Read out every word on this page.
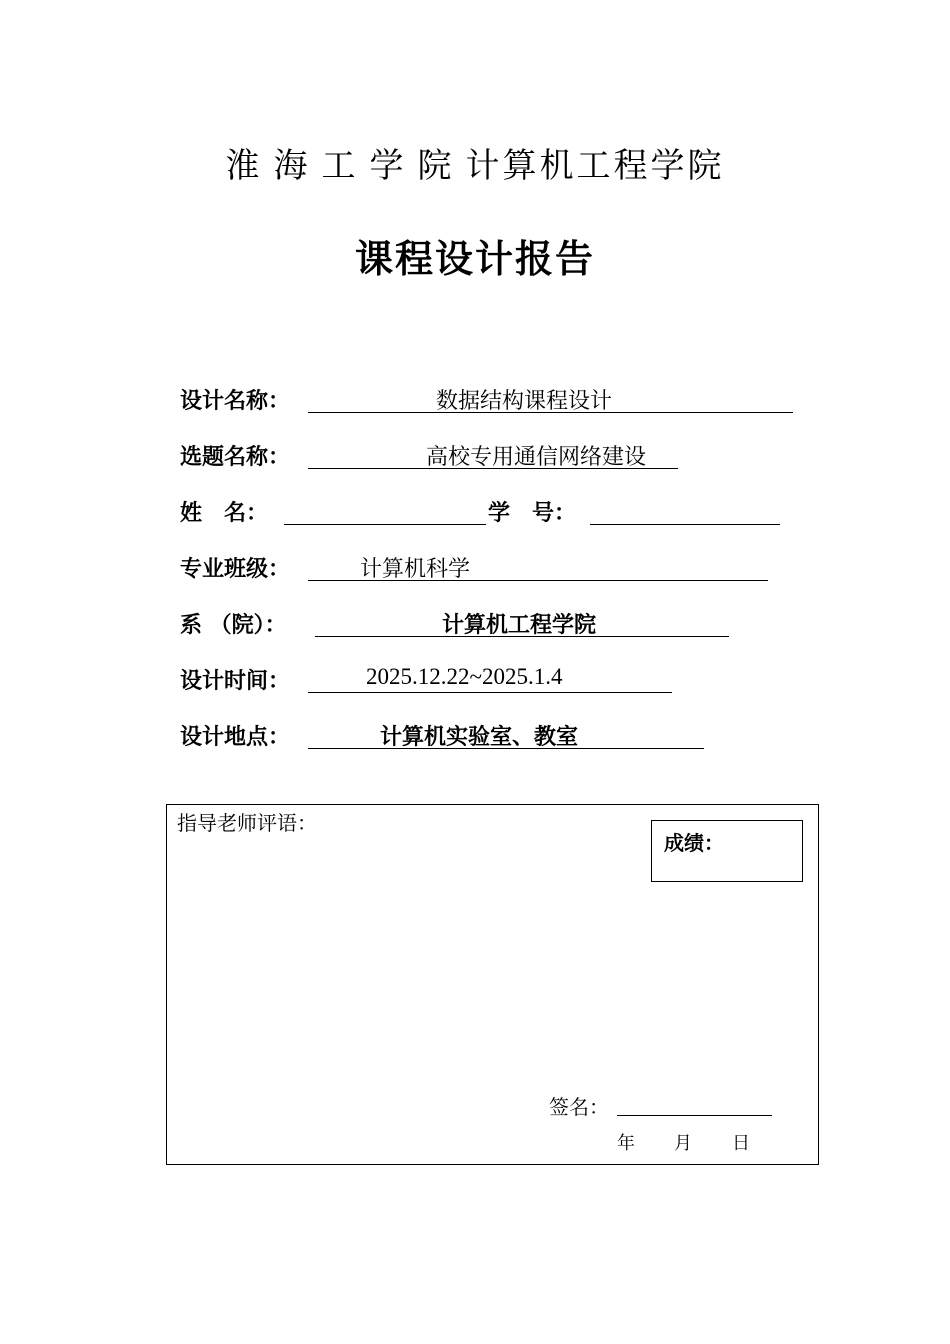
淮海工学院计算机工程学院
课程设计报告
设计名称：	数据结构课程设计
选题名称：	高校专用通信网络建设
姓　名：	学　号：
专业班级：	计算机科学
系 （院）：	计算机工程学院
设计时间：	2025.12.22~2025.1.4
设计地点：	计算机实验室、教室
指导老师评语：
成绩：
签名：
年 月 日
